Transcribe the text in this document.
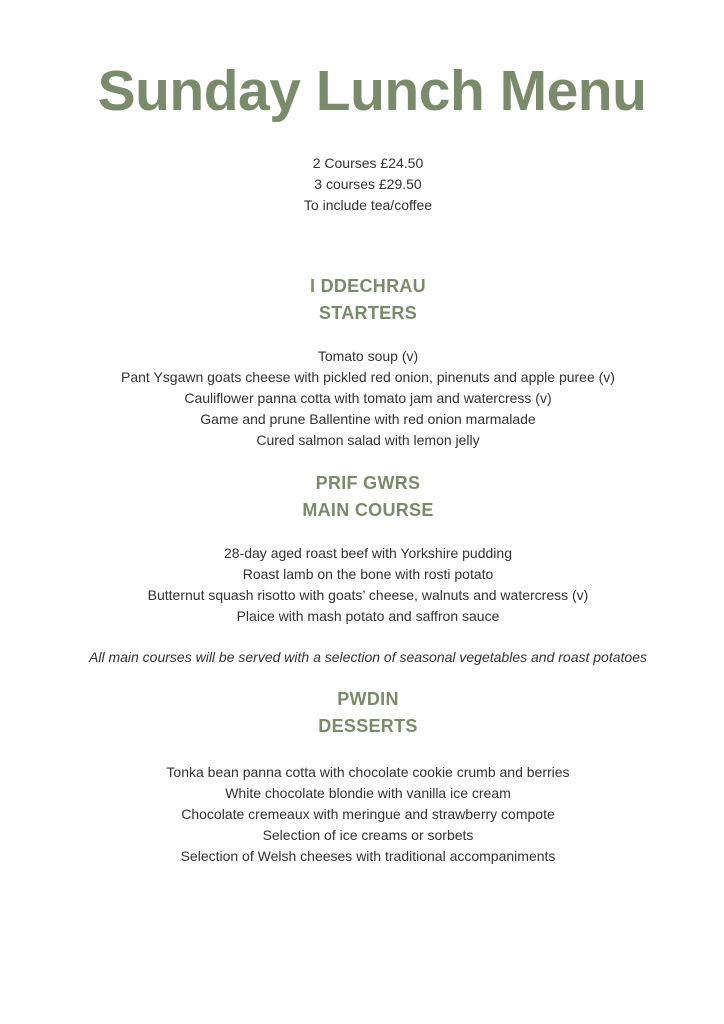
Sunday Lunch Menu
2 Courses £24.50
3 courses £29.50
To include tea/coffee
I DDECHRAU
STARTERS
Tomato soup (v)
Pant Ysgawn goats cheese with pickled red onion, pinenuts and apple puree (v)
Cauliflower panna cotta with tomato jam and watercress (v)
Game and prune Ballentine with red onion marmalade
Cured salmon salad with lemon jelly
PRIF GWRS
MAIN COURSE
28-day aged roast beef with Yorkshire pudding
Roast lamb on the bone with rosti potato
Butternut squash risotto with goats’ cheese, walnuts and watercress (v)
Plaice with mash potato and saffron sauce
All main courses will be served with a selection of seasonal vegetables and roast potatoes
PWDIN
DESSERTS
Tonka bean panna cotta with chocolate cookie crumb and berries
White chocolate blondie with vanilla ice cream
Chocolate cremeaux with meringue and strawberry compote
Selection of ice creams or sorbets
Selection of Welsh cheeses with traditional accompaniments
